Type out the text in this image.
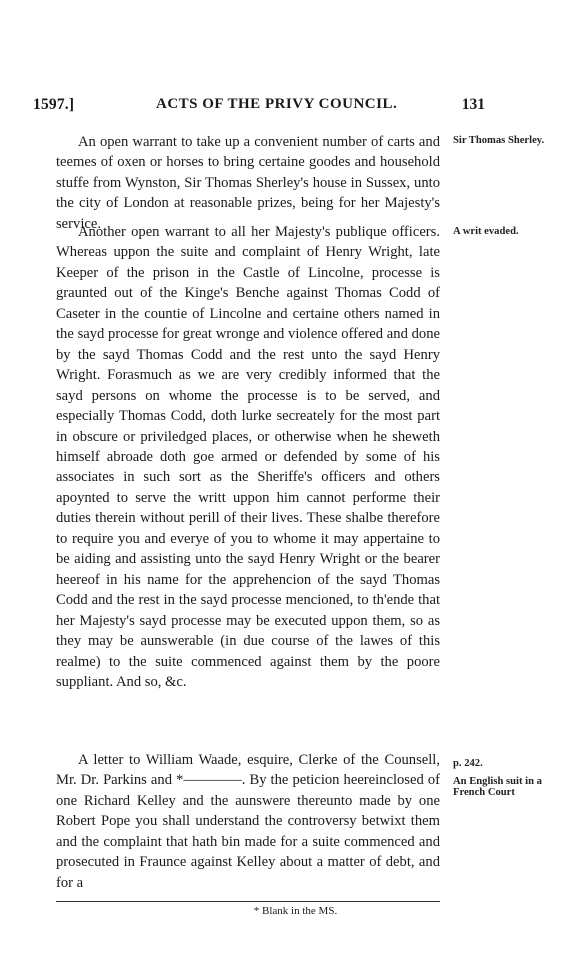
1597.]	ACTS OF THE PRIVY COUNCIL.	131

An open warrant to take up a convenient number of carts and teemes of oxen or horses to bring certaine goodes and household stuffe from Wynston, Sir Thomas Sherley's house in Sussex, unto the city of London at reasonable prizes, being for her Majesty's service.

Sir Thomas Sherley.

Another open warrant to all her Majesty's publique officers. Whereas uppon the suite and complaint of Henry Wright, late Keeper of the prison in the Castle of Lincolne, processe is graunted out of the Kinge's Benche against Thomas Codd of Caseter in the countie of Lincolne and certaine others named in the sayd processe for great wronge and violence offered and done by the sayd Thomas Codd and the rest unto the sayd Henry Wright. Forasmuch as we are very credibly informed that the sayd persons on whome the processe is to be served, and especially Thomas Codd, doth lurke secreately for the most part in obscure or priviledged places, or otherwise when he sheweth himself abroade doth goe armed or defended by some of his associates in such sort as the Sheriffe's officers and others apoynted to serve the writt uppon him cannot performe their duties therein without perill of their lives. These shalbe therefore to require you and everye of you to whome it may appertaine to be aiding and assisting unto the sayd Henry Wright or the bearer heereof in his name for the apprehencion of the sayd Thomas Codd and the rest in the sayd processe mencioned, to th'ende that her Majesty's sayd processe may be executed uppon them, so as they may be aunswerable (in due course of the lawes of this realme) to the suite commenced against them by the poore suppliant. And so, &c.

A writ evaded.

A letter to William Waade, esquire, Clerke of the Counsell, Mr. Dr. Parkins and *————. By the peticion heereinclosed of one Richard Kelley and the aunswere thereunto made by one Robert Pope you shall understand the controversy betwixt them and the complaint that hath bin made for a suite commenced and prosecuted in Fraunce against Kelley about a matter of debt, and for a

p. 242.
An English suit in a French Court
* Blank in the MS.
